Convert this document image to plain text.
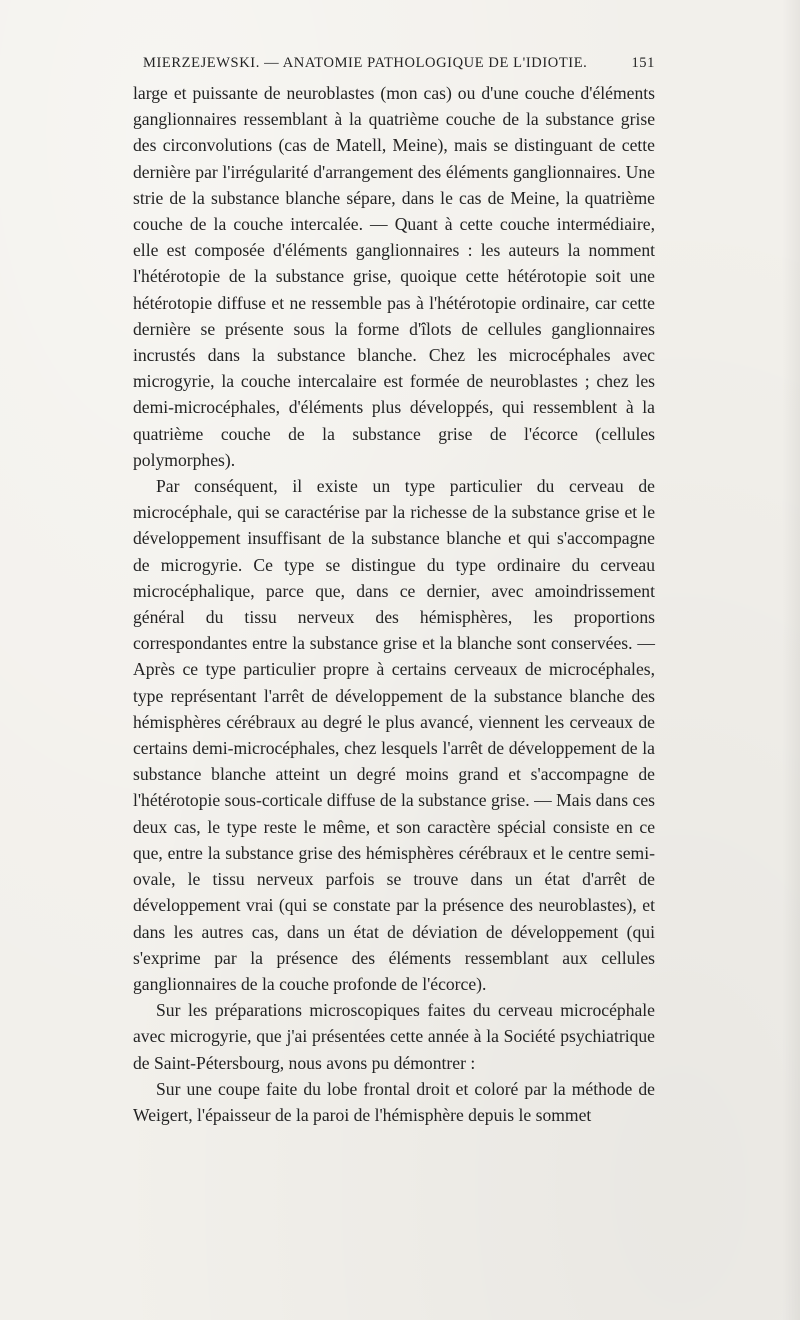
MIERZEJEWSKI. — ANATOMIE PATHOLOGIQUE DE L'IDIOTIE.	151

large et puissante de neuroblastes (mon cas) ou d'une couche d'éléments ganglionnaires ressemblant à la quatrième couche de la substance grise des circonvolutions (cas de Matell, Meine), mais se distinguant de cette dernière par l'irrégularité d'arrangement des éléments ganglionnaires. Une strie de la substance blanche sépare, dans le cas de Meine, la quatrième couche de la couche intercalée. — Quant à cette couche intermédiaire, elle est composée d'éléments ganglionnaires : les auteurs la nomment l'hétérotopie de la substance grise, quoique cette hétérotopie soit une hétérotopie diffuse et ne ressemble pas à l'hétérotopie ordinaire, car cette dernière se présente sous la forme d'îlots de cellules ganglionnaires incrustés dans la substance blanche. Chez les microcéphales avec microgyrie, la couche intercalaire est formée de neuroblastes ; chez les demi-microcéphales, d'éléments plus développés, qui ressemblent à la quatrième couche de la substance grise de l'écorce (cellules polymorphes).

Par conséquent, il existe un type particulier du cerveau de microcéphale, qui se caractérise par la richesse de la substance grise et le développement insuffisant de la substance blanche et qui s'accompagne de microgyrie. Ce type se distingue du type ordinaire du cerveau microcéphalique, parce que, dans ce dernier, avec amoindrissement général du tissu nerveux des hémisphères, les proportions correspondantes entre la substance grise et la blanche sont conservées. — Après ce type particulier propre à certains cerveaux de microcéphales, type représentant l'arrêt de développement de la substance blanche des hémisphères cérébraux au degré le plus avancé, viennent les cerveaux de certains demi-microcéphales, chez lesquels l'arrêt de développement de la substance blanche atteint un degré moins grand et s'accompagne de l'hétérotopie sous-corticale diffuse de la substance grise. — Mais dans ces deux cas, le type reste le même, et son caractère spécial consiste en ce que, entre la substance grise des hémisphères cérébraux et le centre semi-ovale, le tissu nerveux parfois se trouve dans un état d'arrêt de développement vrai (qui se constate par la présence des neuroblastes), et dans les autres cas, dans un état de déviation de développement (qui s'exprime par la présence des éléments ressemblant aux cellules ganglionnaires de la couche profonde de l'écorce).

Sur les préparations microscopiques faites du cerveau microcéphale avec microgyrie, que j'ai présentées cette année à la Société psychiatrique de Saint-Pétersbourg, nous avons pu démontrer :

Sur une coupe faite du lobe frontal droit et coloré par la méthode de Weigert, l'épaisseur de la paroi de l'hémisphère depuis le sommet
